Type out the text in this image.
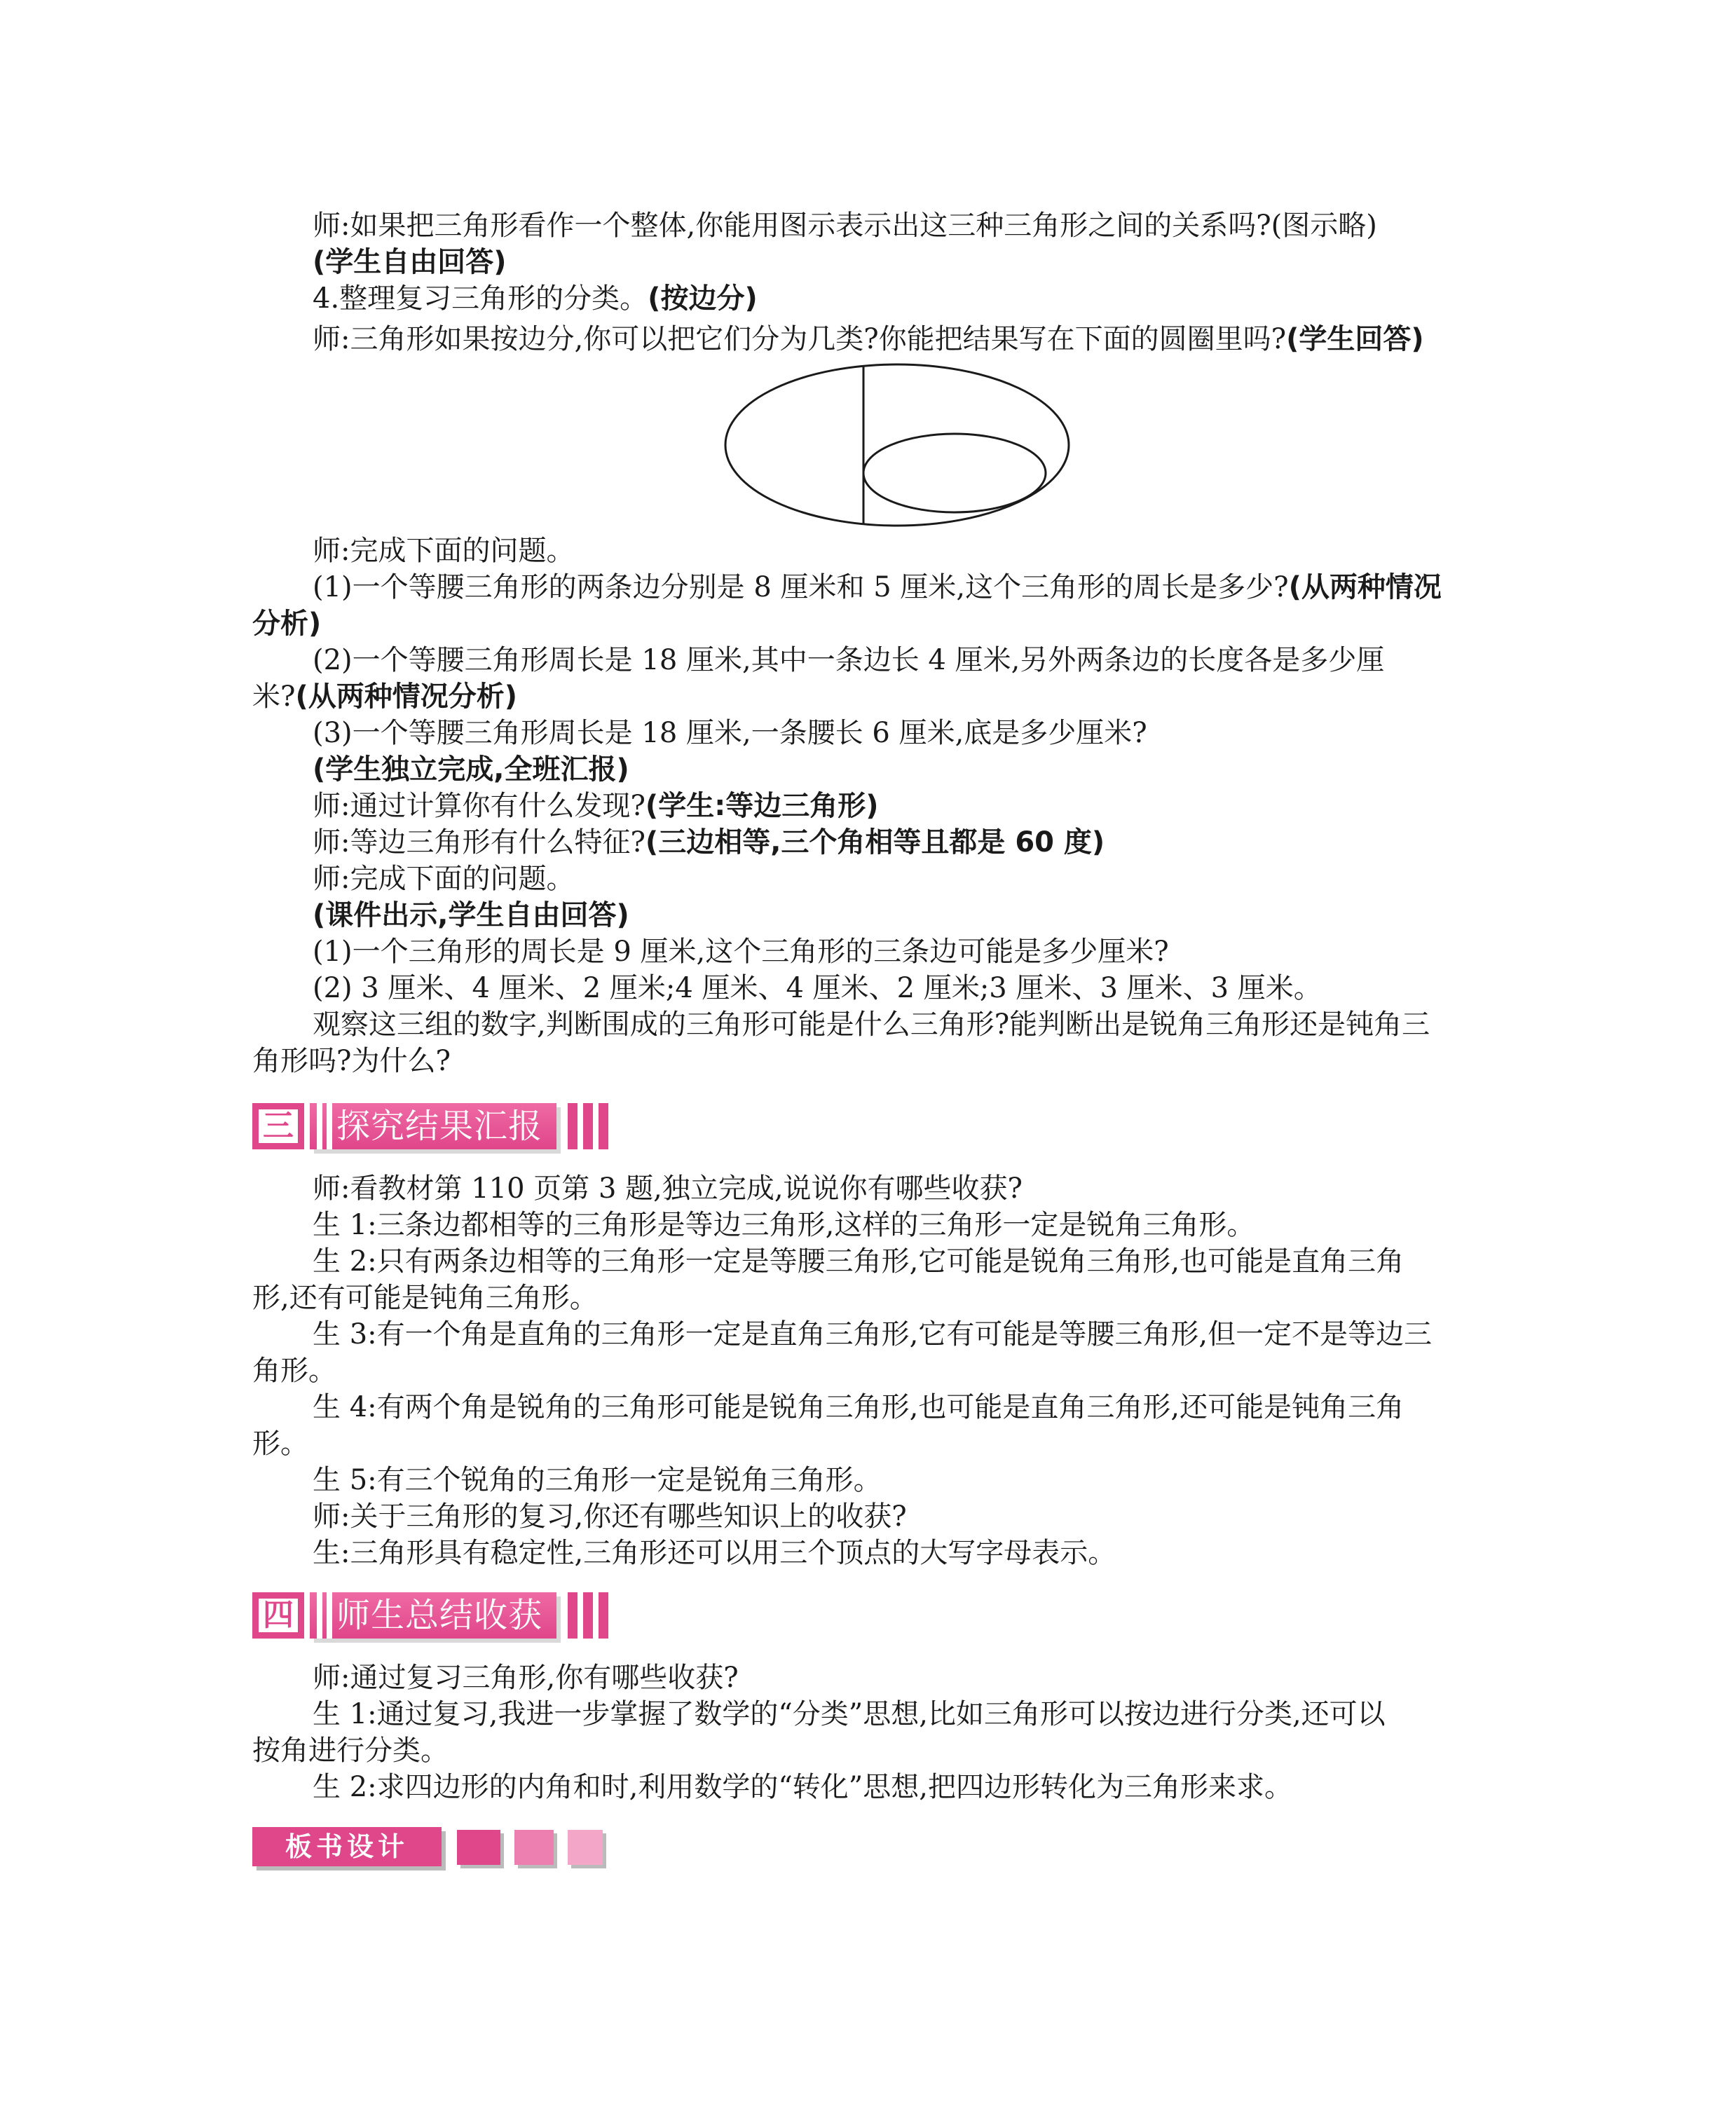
师:如果把三角形看作一个整体,你能用图示表示出这三种三角形之间的关系吗?(图示略)
(学生自由回答)
4.整理复习三角形的分类。(按边分)
师:三角形如果按边分,你可以把它们分为几类?你能把结果写在下面的圆圈里吗?(学生回答)
师:完成下面的问题。
(1)一个等腰三角形的两条边分别是 8 厘米和 5 厘米,这个三角形的周长是多少?(从两种情况
分析)
(2)一个等腰三角形周长是 18 厘米,其中一条边长 4 厘米,另外两条边的长度各是多少厘
米?(从两种情况分析)
(3)一个等腰三角形周长是 18 厘米,一条腰长 6 厘米,底是多少厘米?
(学生独立完成,全班汇报)
师:通过计算你有什么发现?(学生:等边三角形)
师:等边三角形有什么特征?(三边相等,三个角相等且都是 60 度)
师:完成下面的问题。
(课件出示,学生自由回答)
(1)一个三角形的周长是 9 厘米,这个三角形的三条边可能是多少厘米?
(2) 3 厘米、4 厘米、2 厘米;4 厘米、4 厘米、2 厘米;3 厘米、3 厘米、3 厘米。
观察这三组的数字,判断围成的三角形可能是什么三角形?能判断出是锐角三角形还是钝角三
角形吗?为什么?
三 探究结果汇报
师:看教材第 110 页第 3 题,独立完成,说说你有哪些收获?
生 1:三条边都相等的三角形是等边三角形,这样的三角形一定是锐角三角形。
生 2:只有两条边相等的三角形一定是等腰三角形,它可能是锐角三角形,也可能是直角三角
形,还有可能是钝角三角形。
生 3:有一个角是直角的三角形一定是直角三角形,它有可能是等腰三角形,但一定不是等边三
角形。
生 4:有两个角是锐角的三角形可能是锐角三角形,也可能是直角三角形,还可能是钝角三角
形。
生 5:有三个锐角的三角形一定是锐角三角形。
师:关于三角形的复习,你还有哪些知识上的收获?
生:三角形具有稳定性,三角形还可以用三个顶点的大写字母表示。
四 师生总结收获
师:通过复习三角形,你有哪些收获?
生 1:通过复习,我进一步掌握了数学的“分类”思想,比如三角形可以按边进行分类,还可以
按角进行分类。
生 2:求四边形的内角和时,利用数学的“转化”思想,把四边形转化为三角形来求。
板书设计
